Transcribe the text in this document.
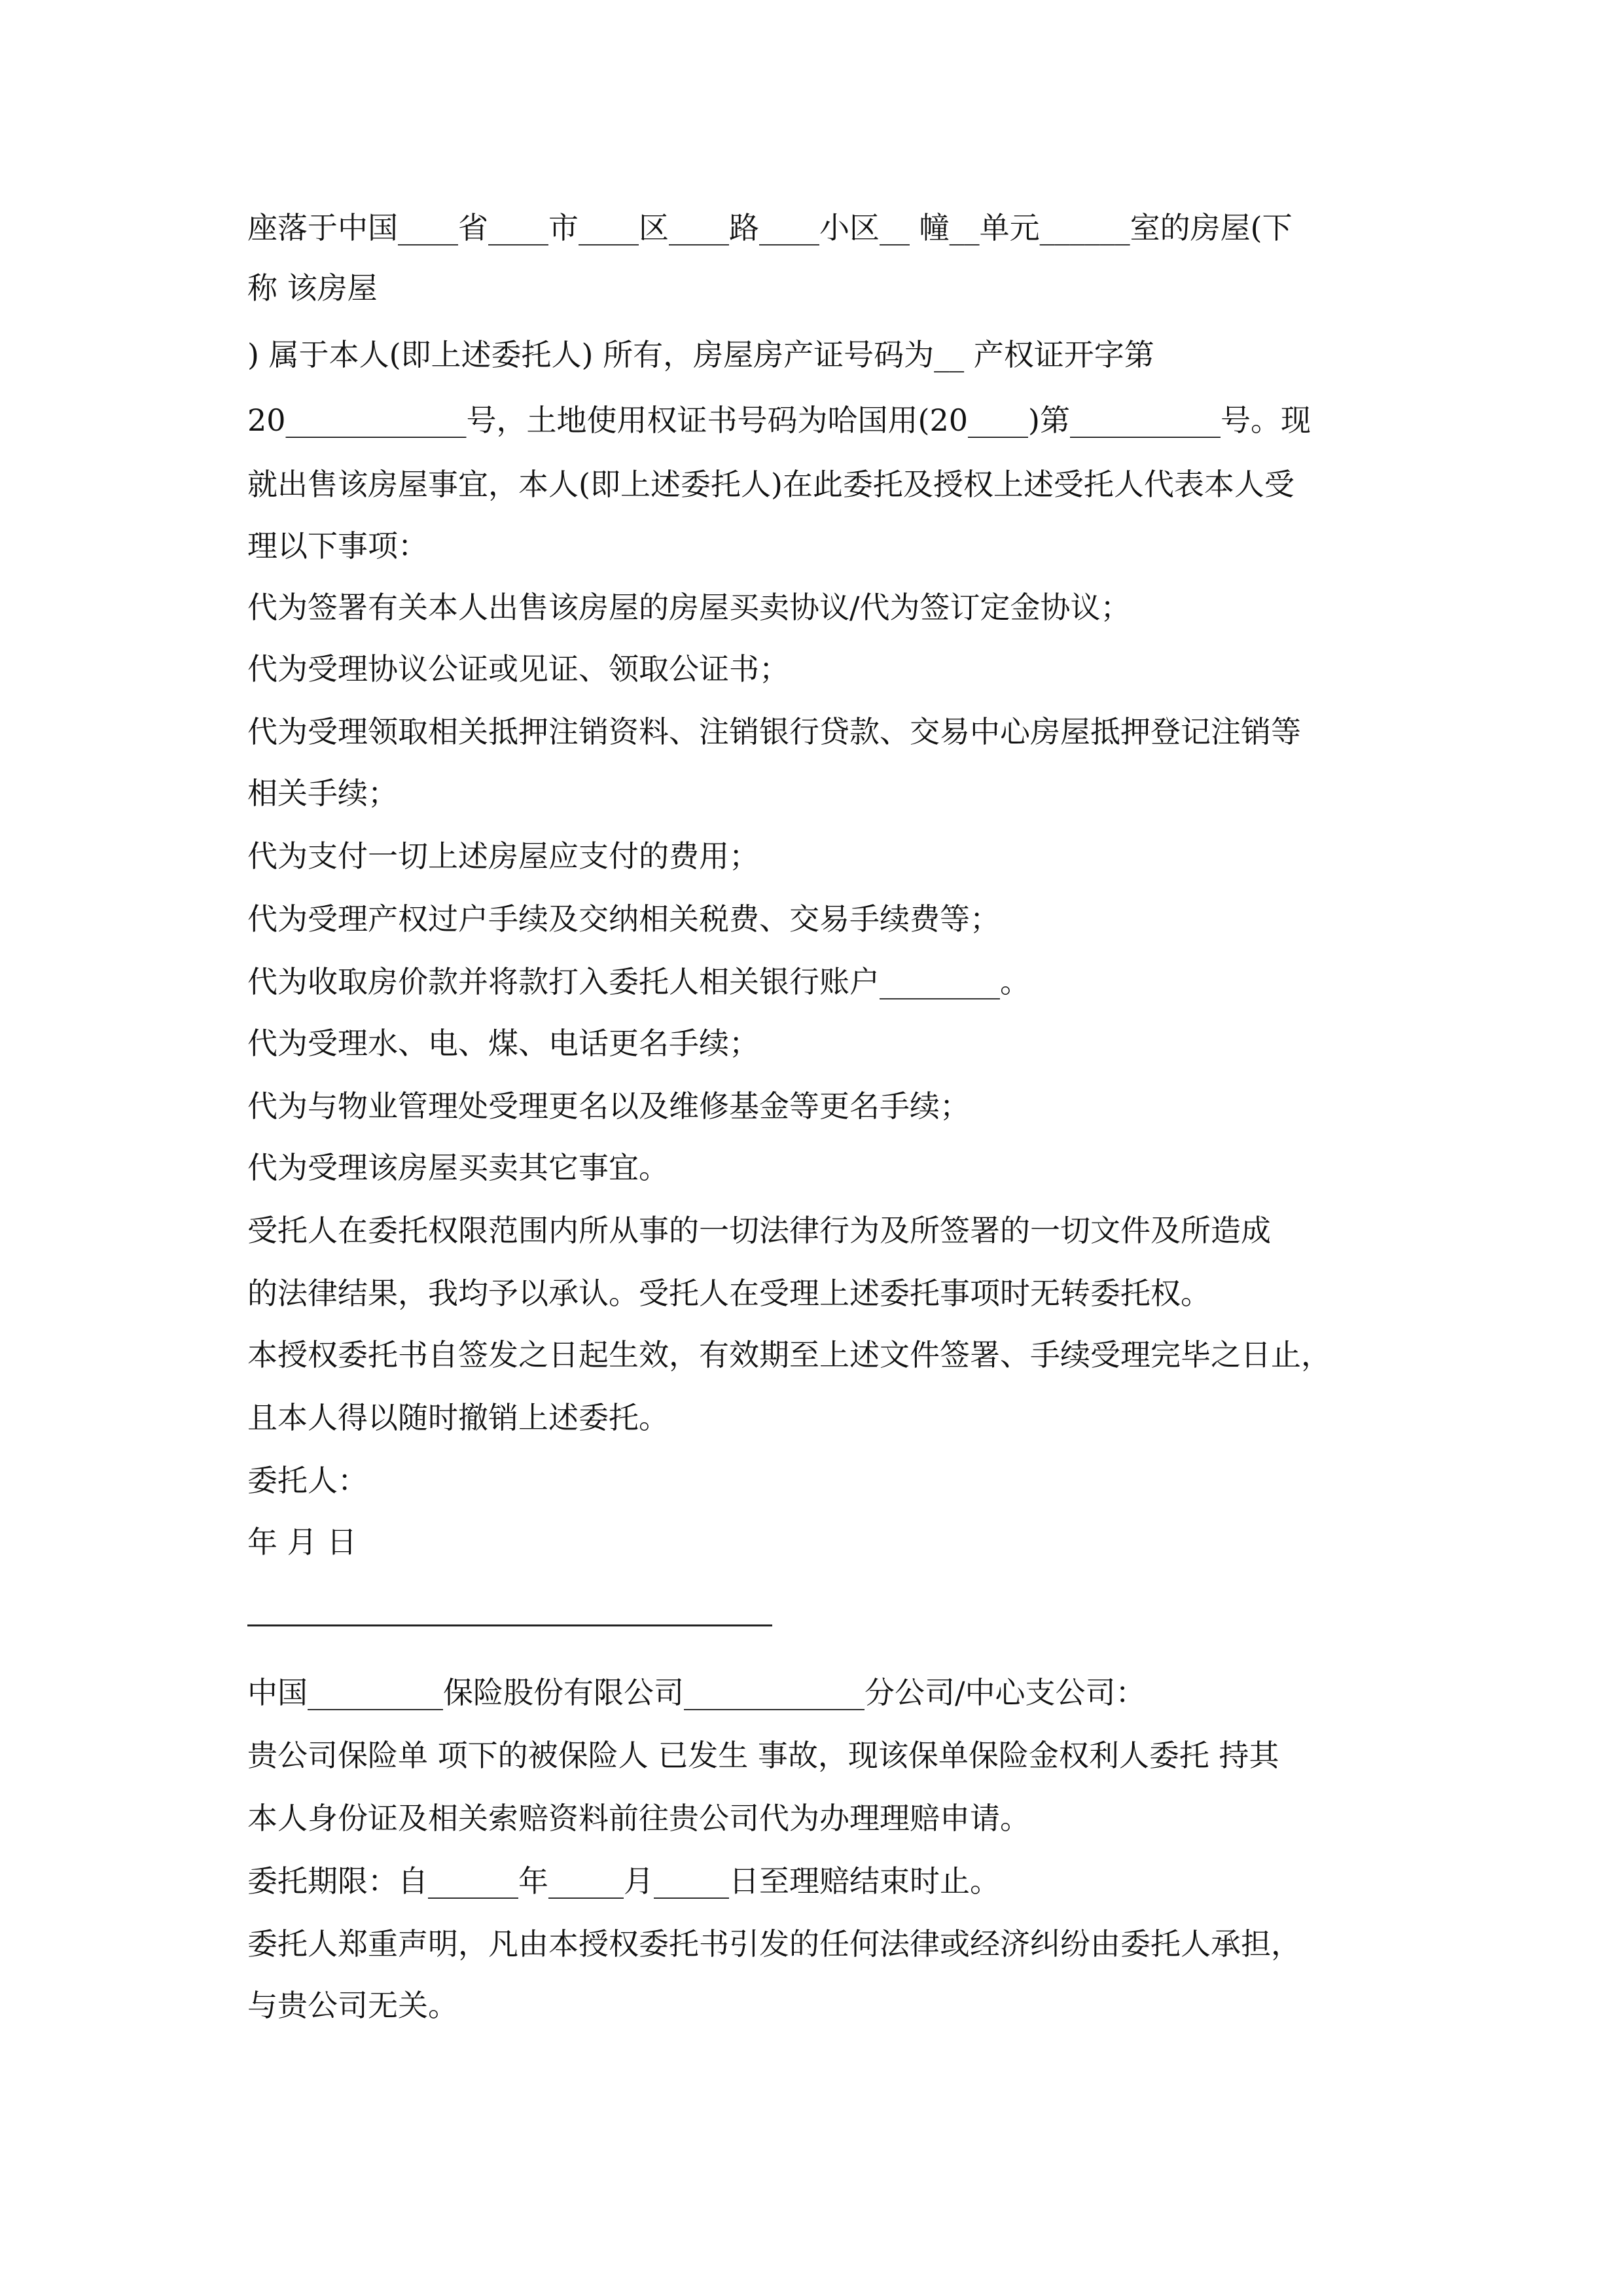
座落于中国____省____市____区____路____小区__ 幢__单元______室的房屋(下
称 该房屋
) 属于本人(即上述委托人) 所有，房屋房产证号码为__ 产权证开字第
20____________号，土地使用权证书号码为哈国用(20____)第__________号。现
就出售该房屋事宜，本人(即上述委托人)在此委托及授权上述受托人代表本人受
理以下事项：
代为签署有关本人出售该房屋的房屋买卖协议/代为签订定金协议；
代为受理协议公证或见证、领取公证书；
代为受理领取相关抵押注销资料、注销银行贷款、交易中心房屋抵押登记注销等
相关手续；
代为支付一切上述房屋应支付的费用；
代为受理产权过户手续及交纳相关税费、交易手续费等；
代为收取房价款并将款打入委托人相关银行账户________。
代为受理水、电、煤、电话更名手续；
代为与物业管理处受理更名以及维修基金等更名手续；
代为受理该房屋买卖其它事宜。
受托人在委托权限范围内所从事的一切法律行为及所签署的一切文件及所造成
的法律结果，我均予以承认。受托人在受理上述委托事项时无转委托权。
本授权委托书自签发之日起生效，有效期至上述文件签署、手续受理完毕之日止，
且本人得以随时撤销上述委托。
委托人：
年 月 日
中国_________保险股份有限公司____________分公司/中心支公司：
贵公司保险单 项下的被保险人 已发生 事故，现该保单保险金权利人委托 持其
本人身份证及相关索赔资料前往贵公司代为办理理赔申请。
委托期限：自______年_____月_____日至理赔结束时止。
委托人郑重声明，凡由本授权委托书引发的任何法律或经济纠纷由委托人承担，
与贵公司无关。
